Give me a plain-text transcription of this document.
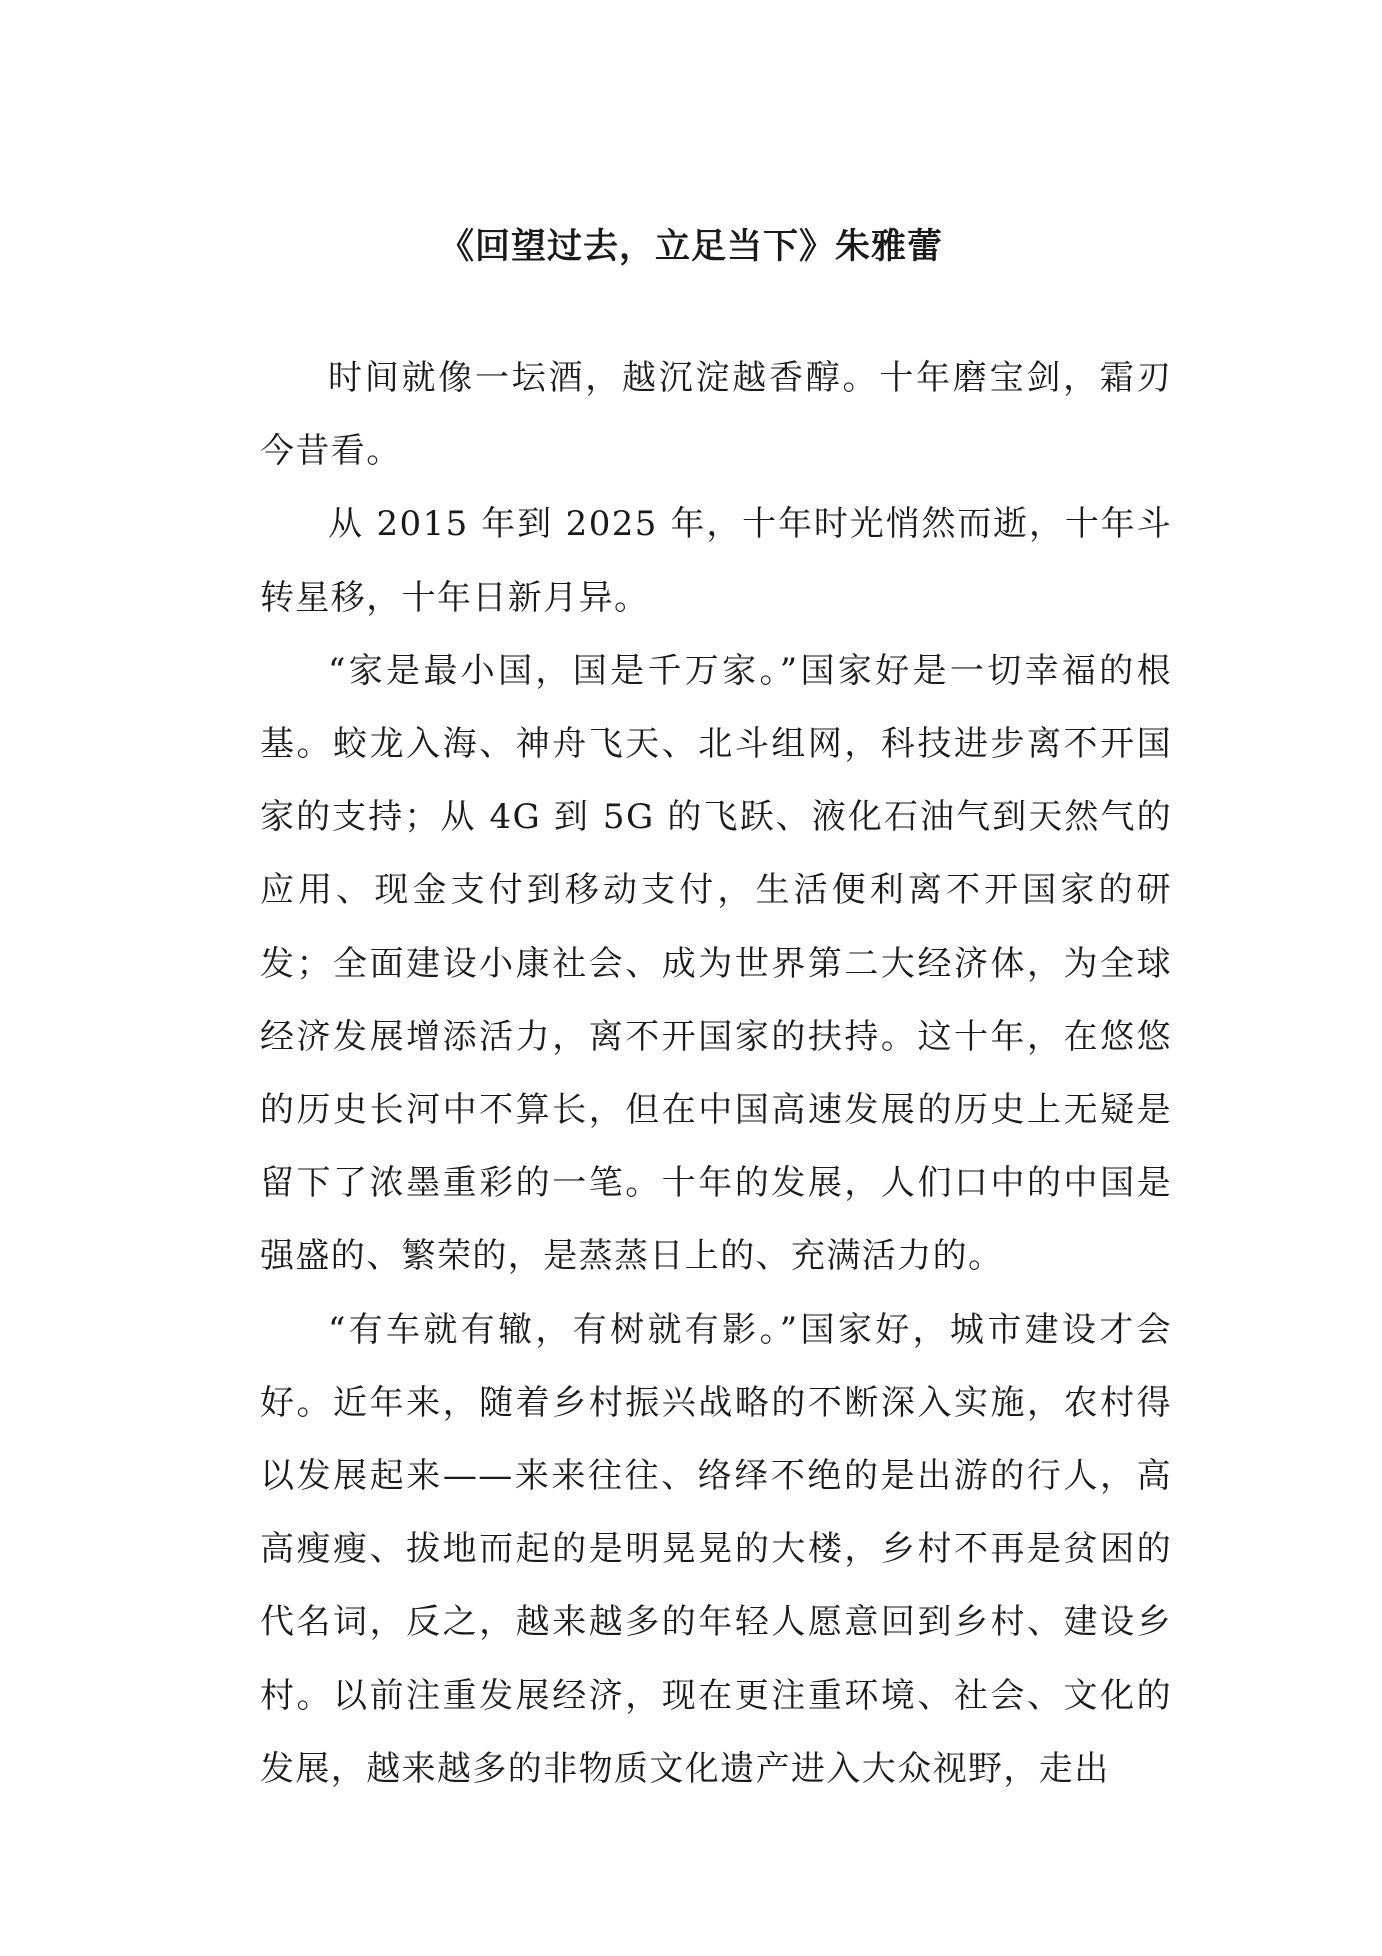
《回望过去，立足当下》朱雅蕾

时间就像一坛酒，越沉淀越香醇。十年磨宝剑，霜刃今昔看。

从 2015 年到 2025 年，十年时光悄然而逝，十年斗转星移，十年日新月异。

“家是最小国，国是千万家。”国家好是一切幸福的根基。蛟龙入海、神舟飞天、北斗组网，科技进步离不开国家的支持；从 4G 到 5G 的飞跃、液化石油气到天然气的应用、现金支付到移动支付，生活便利离不开国家的研发；全面建设小康社会、成为世界第二大经济体，为全球经济发展增添活力，离不开国家的扶持。这十年，在悠悠的历史长河中不算长，但在中国高速发展的历史上无疑是留下了浓墨重彩的一笔。十年的发展，人们口中的中国是强盛的、繁荣的，是蒸蒸日上的、充满活力的。

“有车就有辙，有树就有影。”国家好，城市建设才会好。近年来，随着乡村振兴战略的不断深入实施，农村得以发展起来——来来往往、络绎不绝的是出游的行人，高高瘦瘦、拔地而起的是明晃晃的大楼，乡村不再是贫困的代名词，反之，越来越多的年轻人愿意回到乡村、建设乡村。以前注重发展经济，现在更注重环境、社会、文化的发展，越来越多的非物质文化遗产进入大众视野，走出
